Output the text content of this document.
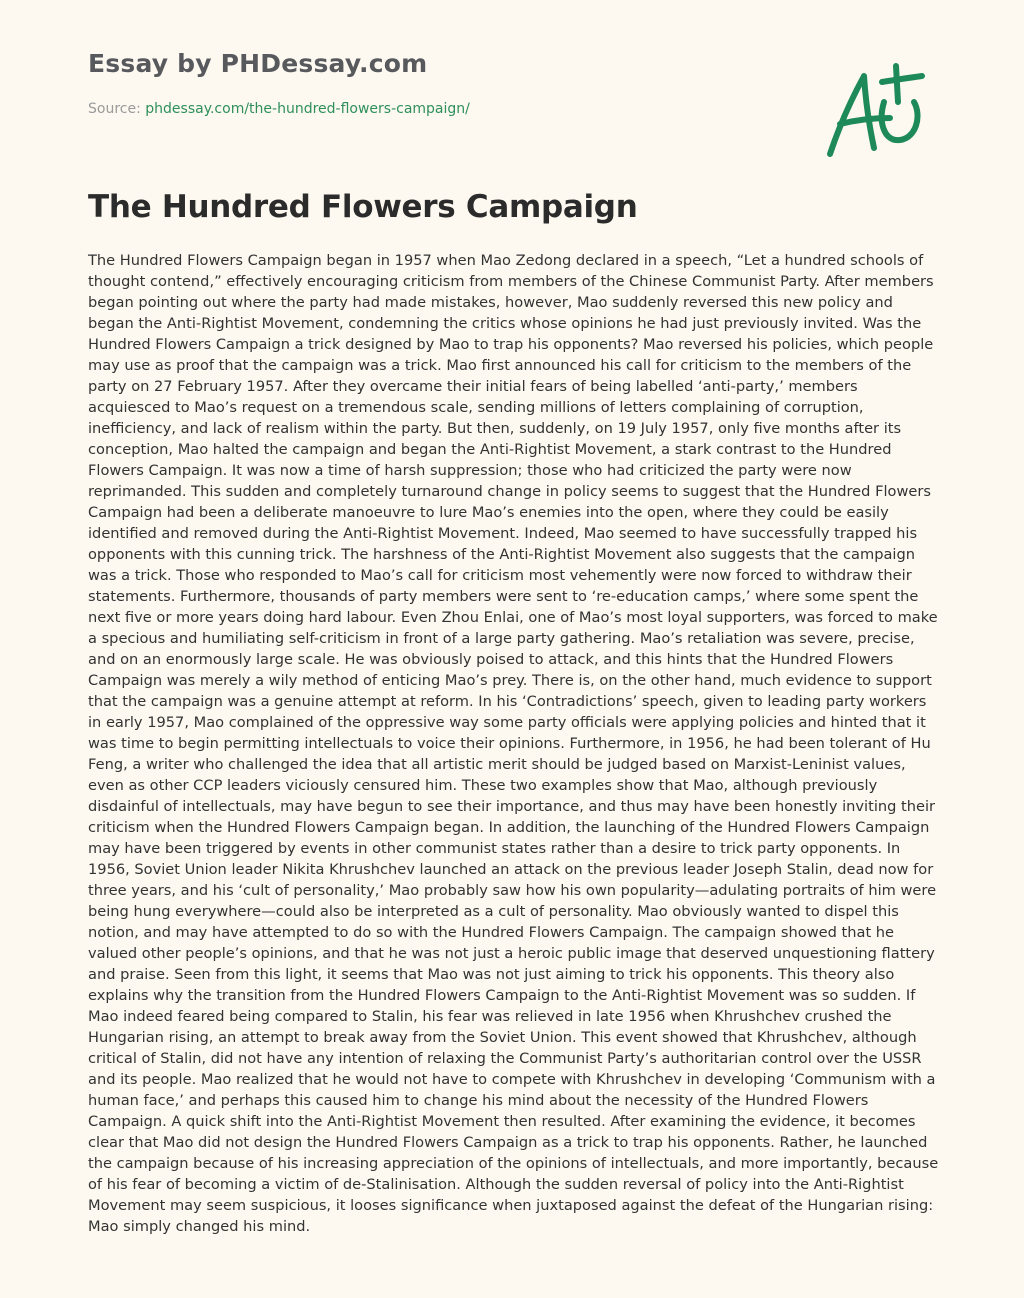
Essay by PHDessay.com
Source: phdessay.com/the-hundred-flowers-campaign/
The Hundred Flowers Campaign

The Hundred Flowers Campaign began in 1957 when Mao Zedong declared in a speech, “Let a hundred schools of thought contend,” effectively encouraging criticism from members of the Chinese Communist Party. After members began pointing out where the party had made mistakes, however, Mao suddenly reversed this new policy and began the Anti-Rightist Movement, condemning the critics whose opinions he had just previously invited. Was the Hundred Flowers Campaign a trick designed by Mao to trap his opponents? Mao reversed his policies, which people may use as proof that the campaign was a trick. Mao first announced his call for criticism to the members of the party on 27 February 1957. After they overcame their initial fears of being labelled ‘anti-party,’ members acquiesced to Mao’s request on a tremendous scale, sending millions of letters complaining of corruption, inefficiency, and lack of realism within the party. But then, suddenly, on 19 July 1957, only five months after its conception, Mao halted the campaign and began the Anti-Rightist Movement, a stark contrast to the Hundred Flowers Campaign. It was now a time of harsh suppression; those who had criticized the party were now reprimanded. This sudden and completely turnaround change in policy seems to suggest that the Hundred Flowers Campaign had been a deliberate manoeuvre to lure Mao’s enemies into the open, where they could be easily identified and removed during the Anti-Rightist Movement. Indeed, Mao seemed to have successfully trapped his opponents with this cunning trick. The harshness of the Anti-Rightist Movement also suggests that the campaign was a trick. Those who responded to Mao’s call for criticism most vehemently were now forced to withdraw their statements. Furthermore, thousands of party members were sent to ‘re-education camps,’ where some spent the next five or more years doing hard labour. Even Zhou Enlai, one of Mao’s most loyal supporters, was forced to make a specious and humiliating self-criticism in front of a large party gathering. Mao’s retaliation was severe, precise, and on an enormously large scale. He was obviously poised to attack, and this hints that the Hundred Flowers Campaign was merely a wily method of enticing Mao’s prey. There is, on the other hand, much evidence to support that the campaign was a genuine attempt at reform. In his ‘Contradictions’ speech, given to leading party workers in early 1957, Mao complained of the oppressive way some party officials were applying policies and hinted that it was time to begin permitting intellectuals to voice their opinions. Furthermore, in 1956, he had been tolerant of Hu Feng, a writer who challenged the idea that all artistic merit should be judged based on Marxist-Leninist values, even as other CCP leaders viciously censured him. These two examples show that Mao, although previously disdainful of intellectuals, may have begun to see their importance, and thus may have been honestly inviting their criticism when the Hundred Flowers Campaign began. In addition, the launching of the Hundred Flowers Campaign may have been triggered by events in other communist states rather than a desire to trick party opponents. In 1956, Soviet Union leader Nikita Khrushchev launched an attack on the previous leader Joseph Stalin, dead now for three years, and his ‘cult of personality,’ Mao probably saw how his own popularity—adulating portraits of him were being hung everywhere—could also be interpreted as a cult of personality. Mao obviously wanted to dispel this notion, and may have attempted to do so with the Hundred Flowers Campaign. The campaign showed that he valued other people’s opinions, and that he was not just a heroic public image that deserved unquestioning flattery and praise. Seen from this light, it seems that Mao was not just aiming to trick his opponents. This theory also explains why the transition from the Hundred Flowers Campaign to the Anti-Rightist Movement was so sudden. If Mao indeed feared being compared to Stalin, his fear was relieved in late 1956 when Khrushchev crushed the Hungarian rising, an attempt to break away from the Soviet Union. This event showed that Khrushchev, although critical of Stalin, did not have any intention of relaxing the Communist Party’s authoritarian control over the USSR and its people. Mao realized that he would not have to compete with Khrushchev in developing ‘Communism with a human face,’ and perhaps this caused him to change his mind about the necessity of the Hundred Flowers Campaign. A quick shift into the Anti-Rightist Movement then resulted. After examining the evidence, it becomes clear that Mao did not design the Hundred Flowers Campaign as a trick to trap his opponents. Rather, he launched the campaign because of his increasing appreciation of the opinions of intellectuals, and more importantly, because of his fear of becoming a victim of de-Stalinisation. Although the sudden reversal of policy into the Anti-Rightist Movement may seem suspicious, it looses significance when juxtaposed against the defeat of the Hungarian rising: Mao simply changed his mind.
